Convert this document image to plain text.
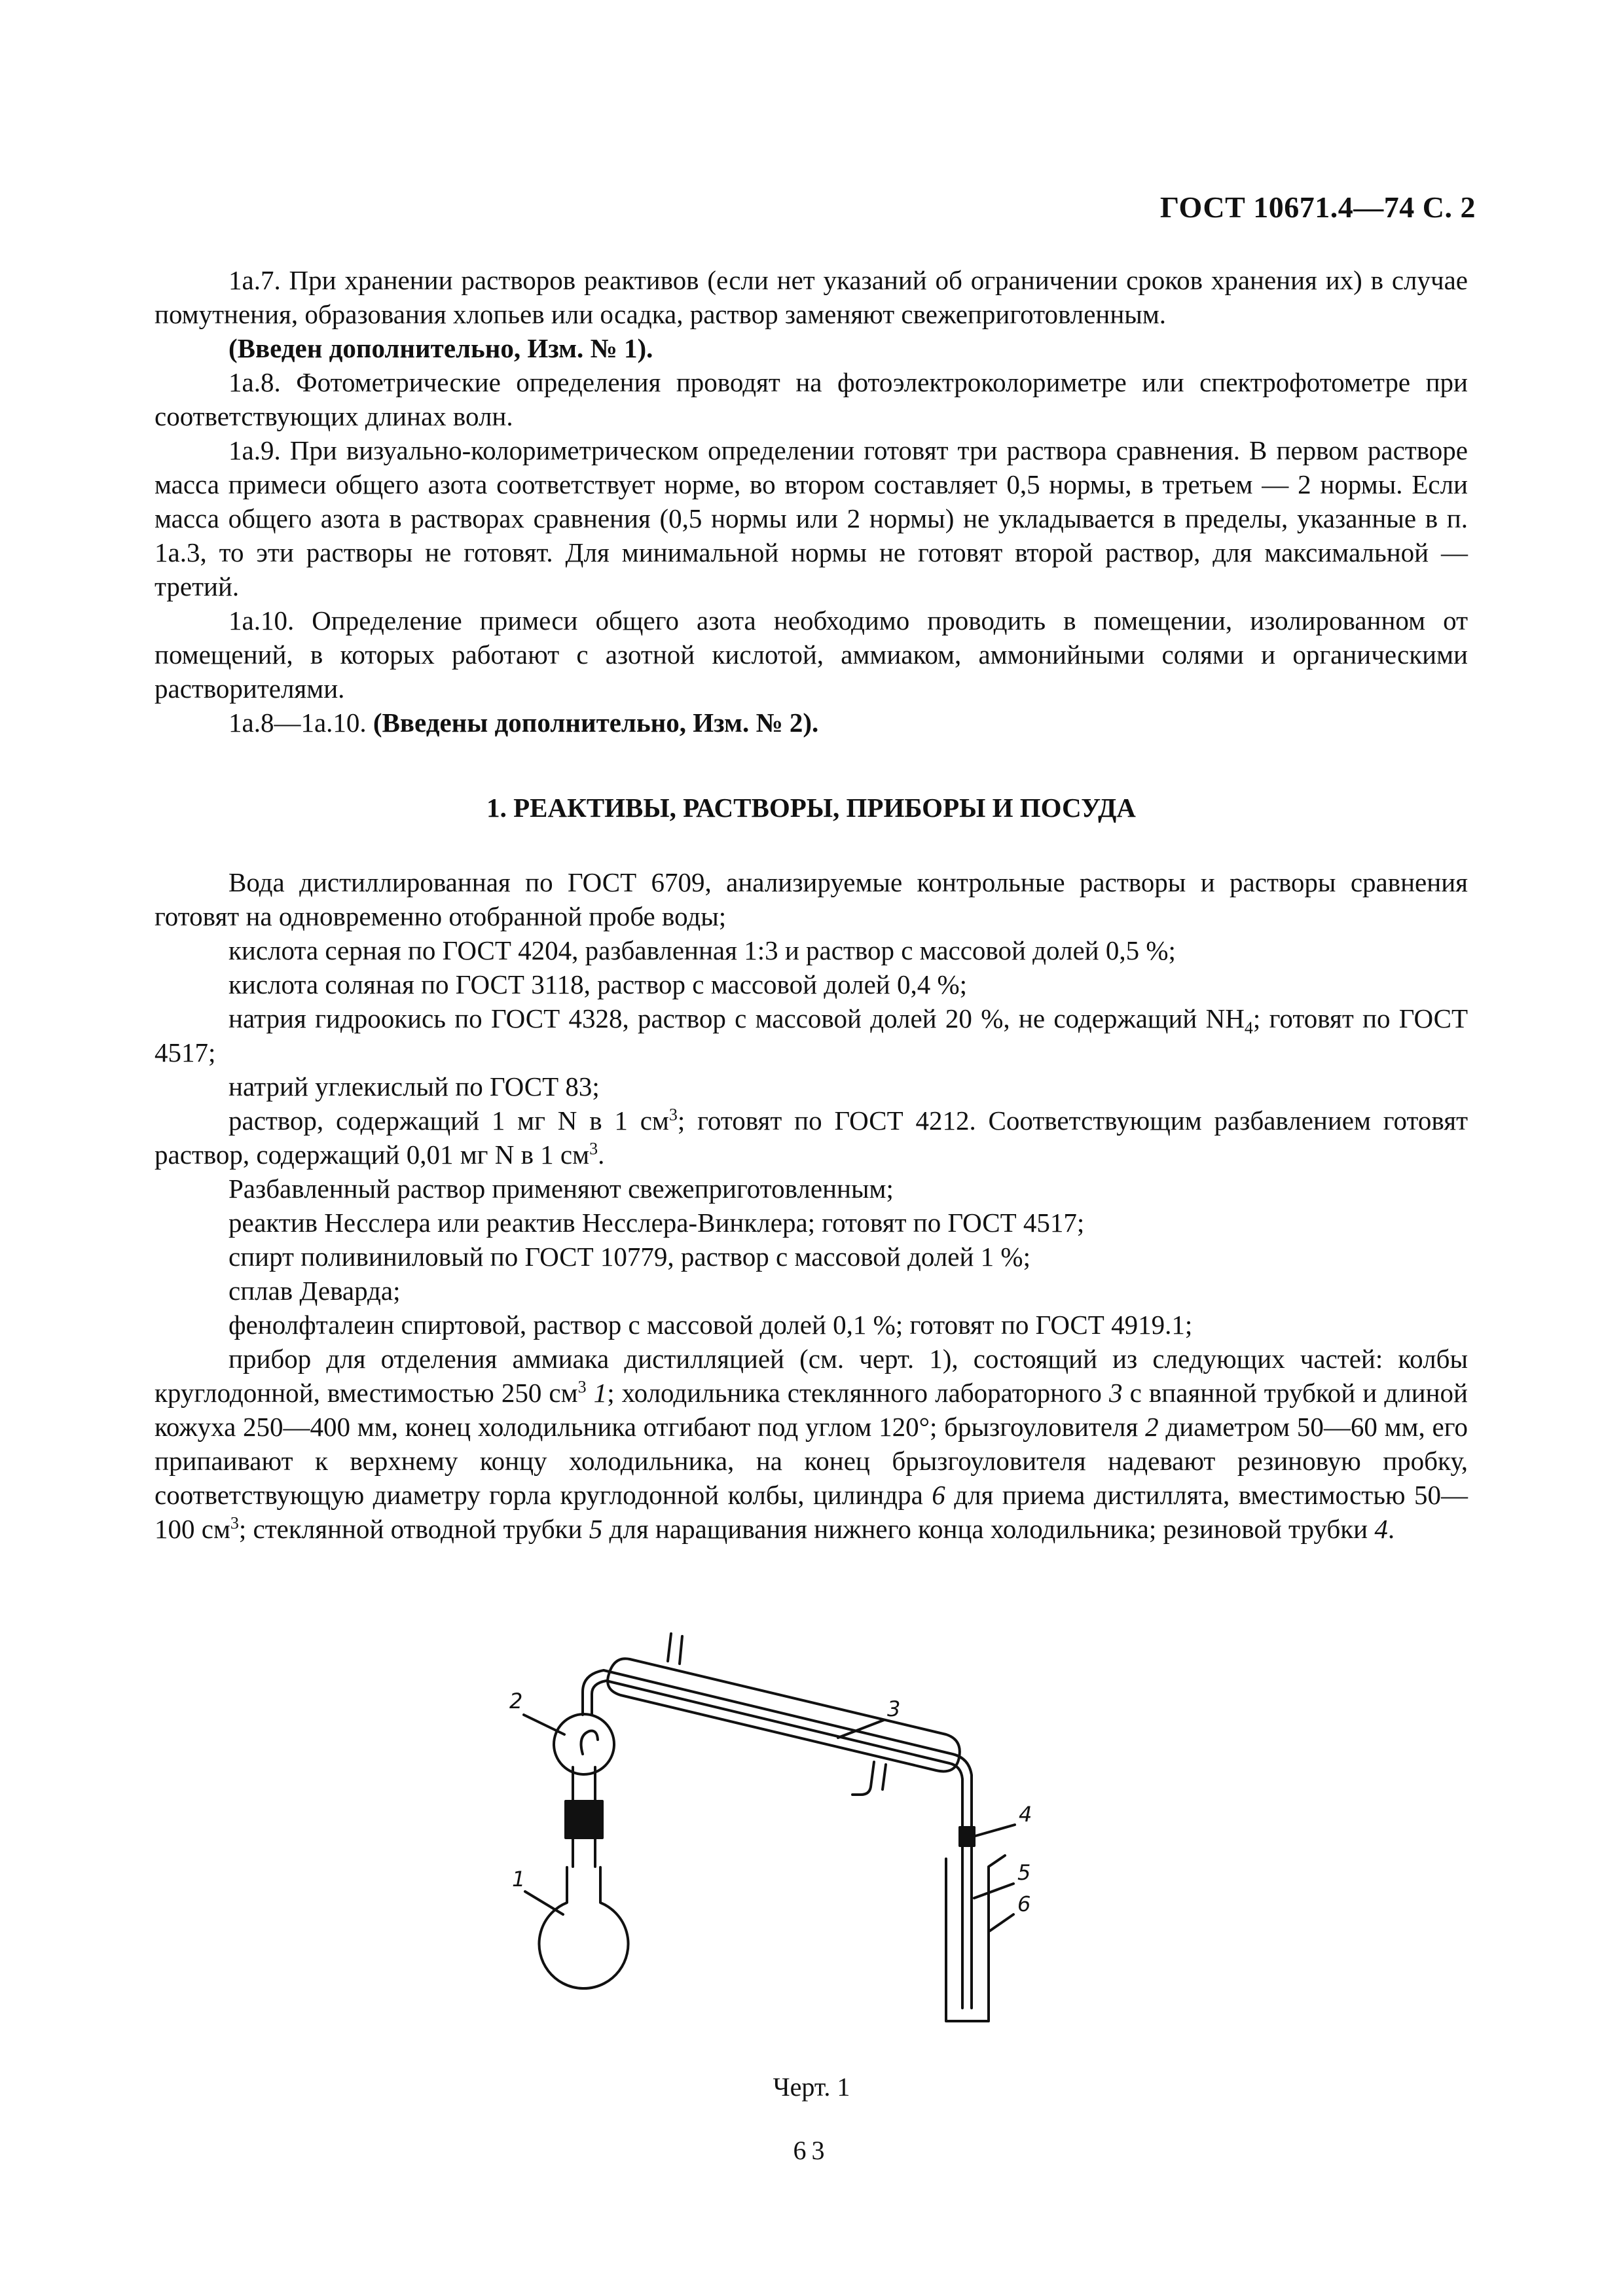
ГОСТ 10671.4—74 С. 2

1а.7. При хранении растворов реактивов (если нет указаний об ограничении сроков хранения их) в случае помутнения, образования хлопьев или осадка, раствор заменяют свежеприготовленным.

(Введен дополнительно, Изм. № 1).

1а.8. Фотометрические определения проводят на фотоэлектроколориметре или спектрофотометре при соответствующих длинах волн.

1а.9. При визуально-колориметрическом определении готовят три раствора сравнения. В первом растворе масса примеси общего азота соответствует норме, во втором составляет 0,5 нормы, в третьем — 2 нормы. Если масса общего азота в растворах сравнения (0,5 нормы или 2 нормы) не укладывается в пределы, указанные в п. 1а.3, то эти растворы не готовят. Для минимальной нормы не готовят второй раствор, для максимальной — третий.

1а.10. Определение примеси общего азота необходимо проводить в помещении, изолированном от помещений, в которых работают с азотной кислотой, аммиаком, аммонийными солями и органическими растворителями.

1а.8—1а.10. (Введены дополнительно, Изм. № 2).

1. РЕАКТИВЫ, РАСТВОРЫ, ПРИБОРЫ И ПОСУДА

Вода дистиллированная по ГОСТ 6709, анализируемые контрольные растворы и растворы сравнения готовят на одновременно отобранной пробе воды;

кислота серная по ГОСТ 4204, разбавленная 1:3 и раствор с массовой долей 0,5 %;

кислота соляная по ГОСТ 3118, раствор с массовой долей 0,4 %;

натрия гидроокись по ГОСТ 4328, раствор с массовой долей 20 %, не содержащий $NH_4$; готовят по ГОСТ 4517;

натрий углекислый по ГОСТ 83;

раствор, содержащий 1 мг N в 1 $см^3$; готовят по ГОСТ 4212. Соответствующим разбавлением готовят раствор, содержащий 0,01 мг N в 1 $см^3$.

Разбавленный раствор применяют свежеприготовленным;

реактив Несслера или реактив Несслера-Винклера; готовят по ГОСТ 4517;

спирт поливиниловый по ГОСТ 10779, раствор с массовой долей 1 %;

сплав Деварда;

фенолфталеин спиртовой, раствор с массовой долей 0,1 %; готовят по ГОСТ 4919.1;

прибор для отделения аммиака дистилляцией (см. черт. 1), состоящий из следующих частей: колбы круглодонной, вместимостью 250 $см^3$ 1; холодильника стеклянного лабораторного 3 с впаянной трубкой и длиной кожуха 250—400 мм, конец холодильника отгибают под углом 120°; брызгоуловителя 2 диаметром 50—60 мм, его припаивают к верхнему концу холодильника, на конец брызгоуловителя надевают резиновую пробку, соответствующую диаметру горла круглодонной колбы, цилиндра 6 для приема дистиллята, вместимостью 50—100 $см^3$; стеклянной отводной трубки 5 для наращивания нижнего конца холодильника; резиновой трубки 4.

1
2	3
4
5
6
Черт. 1
63
